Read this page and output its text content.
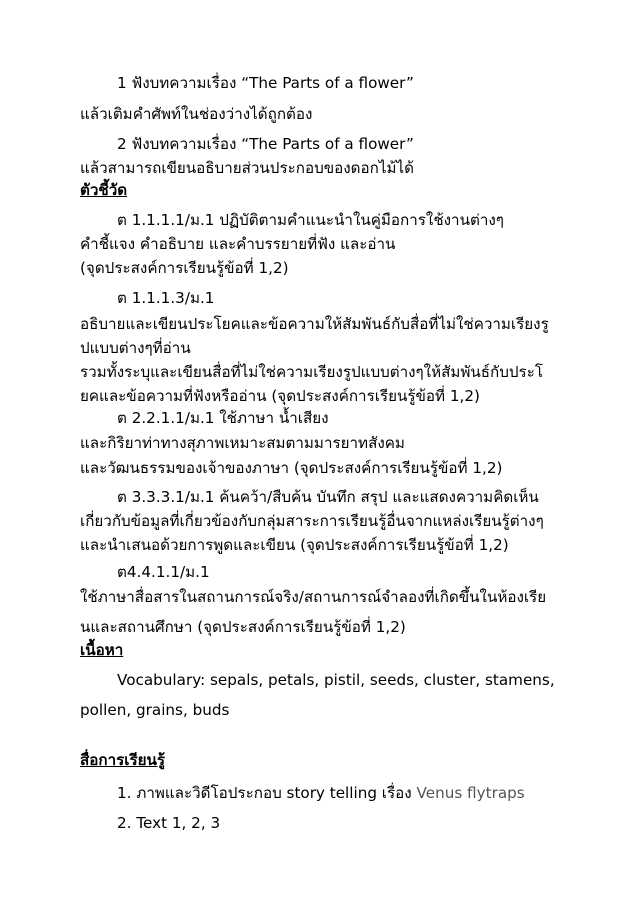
1 ฟังบทความเรื่อง “The Parts of a flower”
แล้วเติมคำศัพท์ในช่องว่างได้ถูกต้อง
2 ฟังบทความเรื่อง “The Parts of a flower”
แล้วสามารถเขียนอธิบายส่วนประกอบของดอกไม้ได้
ตัวชี้วัด
ต 1.1.1.1/ม.1 ปฏิบัติตามคำแนะนำในคู่มือการใช้งานต่างๆ
คำชี้แจง คำอธิบาย และคำบรรยายที่ฟัง และอ่าน
(จุดประสงค์การเรียนรู้ข้อที่ 1,2)
ต 1.1.1.3/ม.1
อธิบายและเขียนประโยคและข้อความให้สัมพันธ์กับสื่อที่ไม่ใช่ความเรียงรู
ปแบบต่างๆที่อ่าน
รวมทั้งระบุและเขียนสื่อที่ไม่ใช่ความเรียงรูปแบบต่างๆให้สัมพันธ์กับประโ
ยคและข้อความที่ฟังหรืออ่าน (จุดประสงค์การเรียนรู้ข้อที่ 1,2)
ต 2.2.1.1/ม.1 ใช้ภาษา น้ำเสียง
และกิริยาท่าทางสุภาพเหมาะสมตามมารยาทสังคม
และวัฒนธรรมของเจ้าของภาษา (จุดประสงค์การเรียนรู้ข้อที่ 1,2)
ต 3.3.3.1/ม.1 ค้นคว้า/สืบค้น บันทึก สรุป และแสดงความคิดเห็น
เกี่ยวกับข้อมูลที่เกี่ยวข้องกับกลุ่มสาระการเรียนรู้อื่นจากแหล่งเรียนรู้ต่างๆ
และนำเสนอด้วยการพูดและเขียน (จุดประสงค์การเรียนรู้ข้อที่ 1,2)
ต4.4.1.1/ม.1
ใช้ภาษาสื่อสารในสถานการณ์จริง/สถานการณ์จำลองที่เกิดขึ้นในห้องเรีย
นและสถานศึกษา (จุดประสงค์การเรียนรู้ข้อที่ 1,2)
เนื้อหา
Vocabulary: sepals, petals, pistil, seeds, cluster, stamens,
pollen, grains, buds
สื่อการเรียนรู้
1. ภาพและวิดีโอประกอบ story telling เรื่อง Venus flytraps
2. Text 1, 2, 3
